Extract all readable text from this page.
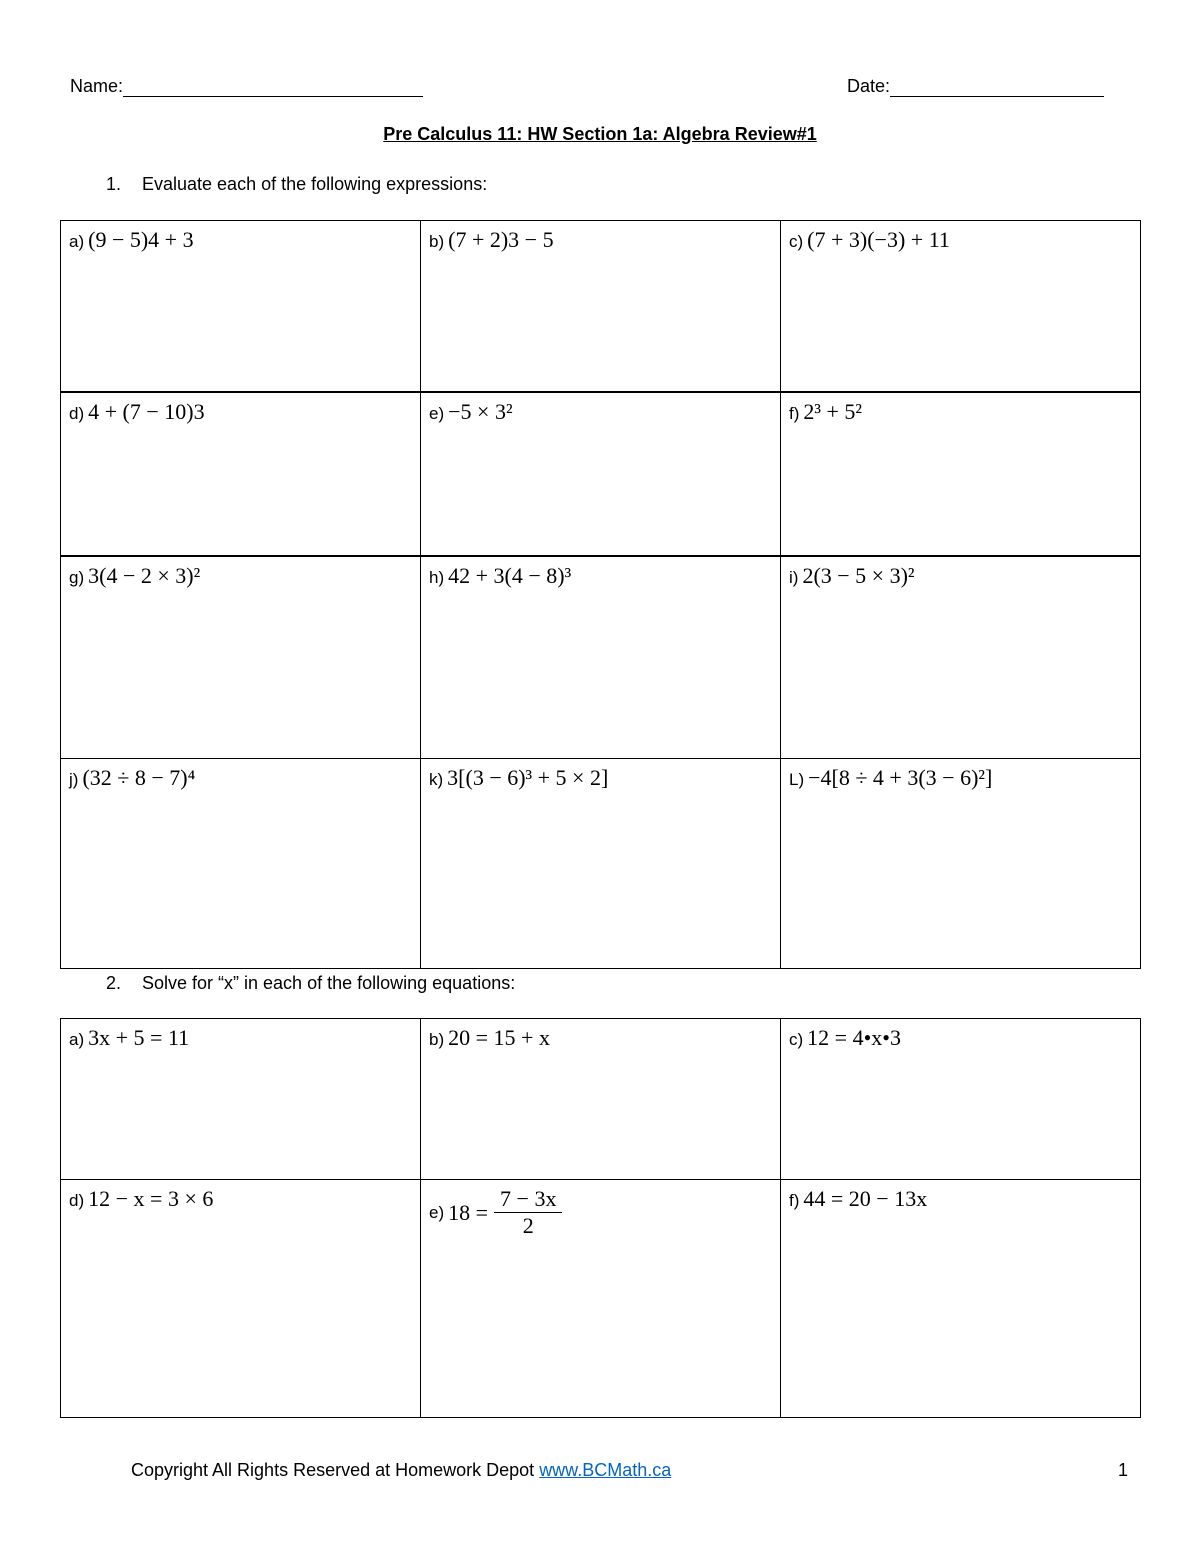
Name:	Date:
Pre Calculus 11: HW Section 1a: Algebra Review#1
1. Evaluate each of the following expressions:
a) (9 − 5)4 + 3	b) (7 + 2)3 − 5	c) (7 + 3)(−3) + 11

d) 4 + (7 − 10)3	e) −5 × 3²	f) 2³ + 5²

g) 3(4 − 2 × 3)²	h) 42 + 3(4 − 8)³	i) 2(3 − 5 × 3)²

j) (32 ÷ 8 − 7)⁴	k) 3[(3 − 6)³ + 5 × 2]	L) −4[8 ÷ 4 + 3(3 − 6)²]
2. Solve for “x” in each of the following equations:
a) 3x + 5 = 11	b) 20 = 15 + x	c) 12 = 4•x•3

d) 12 − x = 3 × 6	e) $18 = \frac{7 - 3x}{2}$	f) 44 = 20 − 13x
Copyright All Rights Reserved at Homework Depot www.BCMath.ca	1
